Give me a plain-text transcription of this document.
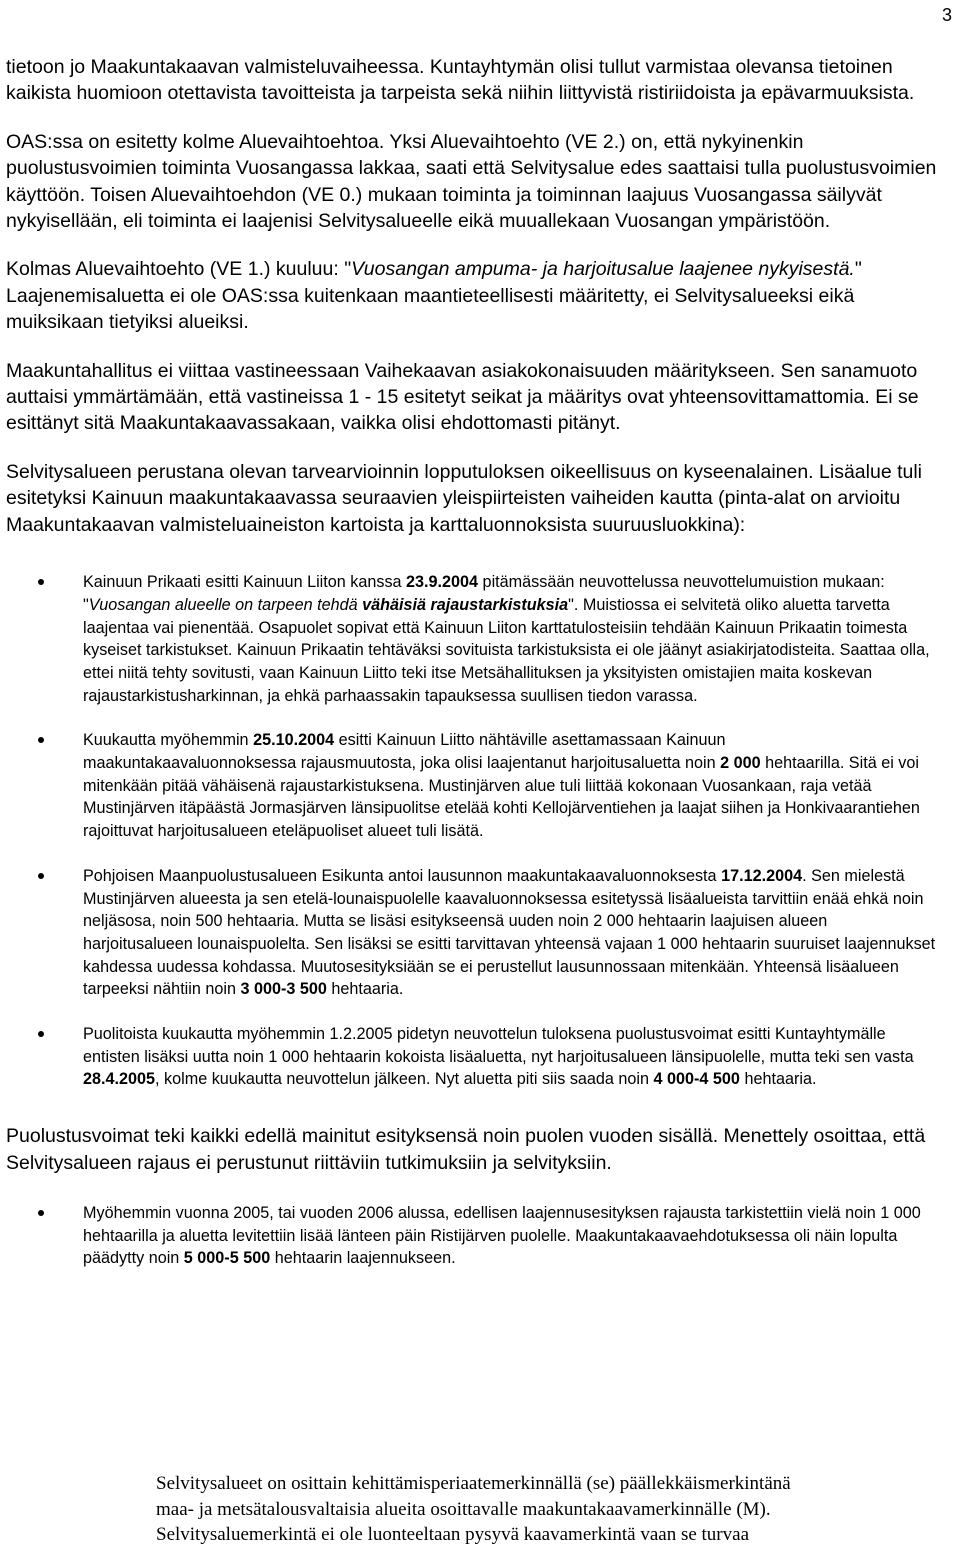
3

tietoon jo Maakuntakaavan valmisteluvaiheessa. Kuntayhtymän olisi tullut varmistaa olevansa tietoinen kaikista huomioon otettavista tavoitteista ja tarpeista sekä niihin liittyvistä ristiriidoista ja epävarmuuksista.

OAS:ssa on esitetty kolme Aluevaihtoehtoa. Yksi Aluevaihtoehto (VE 2.) on, että nykyinenkin puolustusvoimien toiminta Vuosangassa lakkaa, saati että Selvitysalue edes saattaisi tulla puolustusvoimien käyttöön. Toisen Aluevaihtoehdon (VE 0.) mukaan toiminta ja toiminnan laajuus Vuosangassa säilyvät nykyisellään, eli toiminta ei laajenisi Selvitysalueelle eikä muuallekaan Vuosangan ympäristöön.

Kolmas Aluevaihtoehto (VE 1.) kuuluu: "Vuosangan ampuma- ja harjoitusalue laajenee nykyisestä." Laajenemisaluetta ei ole OAS:ssa kuitenkaan maantieteellisesti määritetty, ei Selvitysalueeksi eikä muiksikaan tietyiksi alueiksi.

Maakuntahallitus ei viittaa vastineessaan Vaihekaavan asiakokonaisuuden määritykseen. Sen sanamuoto auttaisi ymmärtämään, että vastineissa 1 - 15 esitetyt seikat ja määritys ovat yhteensovittamattomia. Ei se esittänyt sitä Maakuntakaavassakaan, vaikka olisi ehdottomasti pitänyt.

Selvitysalueen perustana olevan tarvearvioinnin lopputuloksen oikeellisuus on kyseenalainen. Lisäalue tuli esitetyksi Kainuun maakuntakaavassa seuraavien yleispiirteisten vaiheiden kautta (pinta-alat on arvioitu Maakuntakaavan valmisteluaineiston kartoista ja karttaluonnoksista suuruusluokkina):

Kainuun Prikaati esitti Kainuun Liiton kanssa 23.9.2004 pitämässään neuvottelussa neuvottelumuistion mukaan: "Vuosangan alueelle on tarpeen tehdä vähäisiä rajaustarkistuksia". Muistiossa ei selvitetä oliko aluetta tarvetta laajentaa vai pienentää. Osapuolet sopivat että Kainuun Liiton karttatulosteisiin tehdään Kainuun Prikaatin toimesta kyseiset tarkistukset. Kainuun Prikaatin tehtäväksi sovituista tarkistuksista ei ole jäänyt asiakirjatodisteita. Saattaa olla, ettei niitä tehty sovitusti, vaan Kainuun Liitto teki itse Metsähallituksen ja yksityisten omistajien maita koskevan rajaustarkistusharkinnan, ja ehkä parhaassakin tapauksessa suullisen tiedon varassa.
Kuukautta myöhemmin 25.10.2004 esitti Kainuun Liitto nähtäville asettamassaan Kainuun maakuntakaavaluonnoksessa rajausmuutosta, joka olisi laajentanut harjoitusaluetta noin 2 000 hehtaarilla. Sitä ei voi mitenkään pitää vähäisenä rajaustarkistuksena. Mustinjärven alue tuli liittää kokonaan Vuosankaan, raja vetää Mustinjärven itäpäästä Jormasjärven länsipuolitse etelää kohti Kellojärventiehen ja laajat siihen ja Honkivaarantiehen rajoittuvat harjoitusalueen eteläpuoliset alueet tuli lisätä.
Pohjoisen Maanpuolustusalueen Esikunta antoi lausunnon maakuntakaavaluonnoksesta 17.12.2004. Sen mielestä Mustinjärven alueesta ja sen etelä-lounaispuolelle kaavaluonnoksessa esitetyssä lisäalueista tarvittiin enää ehkä noin neljäsosa, noin 500 hehtaaria. Mutta se lisäsi esitykseensä uuden noin 2 000 hehtaarin laajuisen alueen harjoitusalueen lounaispuolelta. Sen lisäksi se esitti tarvittavan yhteensä vajaan 1 000 hehtaarin suuruiset laajennukset kahdessa uudessa kohdassa. Muutosesityksiään se ei perustellut lausunnossaan mitenkään. Yhteensä lisäalueen tarpeeksi nähtiin noin 3 000-3 500 hehtaaria.
Puolitoista kuukautta myöhemmin 1.2.2005 pidetyn neuvottelun tuloksena puolustusvoimat esitti Kuntayhtymälle entisten lisäksi uutta noin 1 000 hehtaarin kokoista lisäaluetta, nyt harjoitusalueen länsipuolelle, mutta teki sen vasta 28.4.2005, kolme kuukautta neuvottelun jälkeen. Nyt aluetta piti siis saada noin 4 000-4 500 hehtaaria.

Puolustusvoimat teki kaikki edellä mainitut esityksensä noin puolen vuoden sisällä. Menettely osoittaa, että Selvitysalueen rajaus ei perustunut riittäviin tutkimuksiin ja selvityksiin.

Myöhemmin vuonna 2005, tai vuoden 2006 alussa, edellisen laajennusesityksen rajausta tarkistettiin vielä noin 1 000 hehtaarilla ja aluetta levitettiin lisää länteen päin Ristijärven puolelle. Maakuntakaavaehdotuksessa oli näin lopulta päädytty noin 5 000-5 500 hehtaarin laajennukseen.
Selvitysalueet on osittain kehittämisperiaatemerkinnällä (se) päällekkäismerkintänä
maa- ja metsätalousvaltaisia alueita osoittavalle maakuntakaavamerkinnälle (M).
Selvitysaluemerkintä ei ole luonteeltaan pysyvä kaavamerkintä vaan se turvaa
